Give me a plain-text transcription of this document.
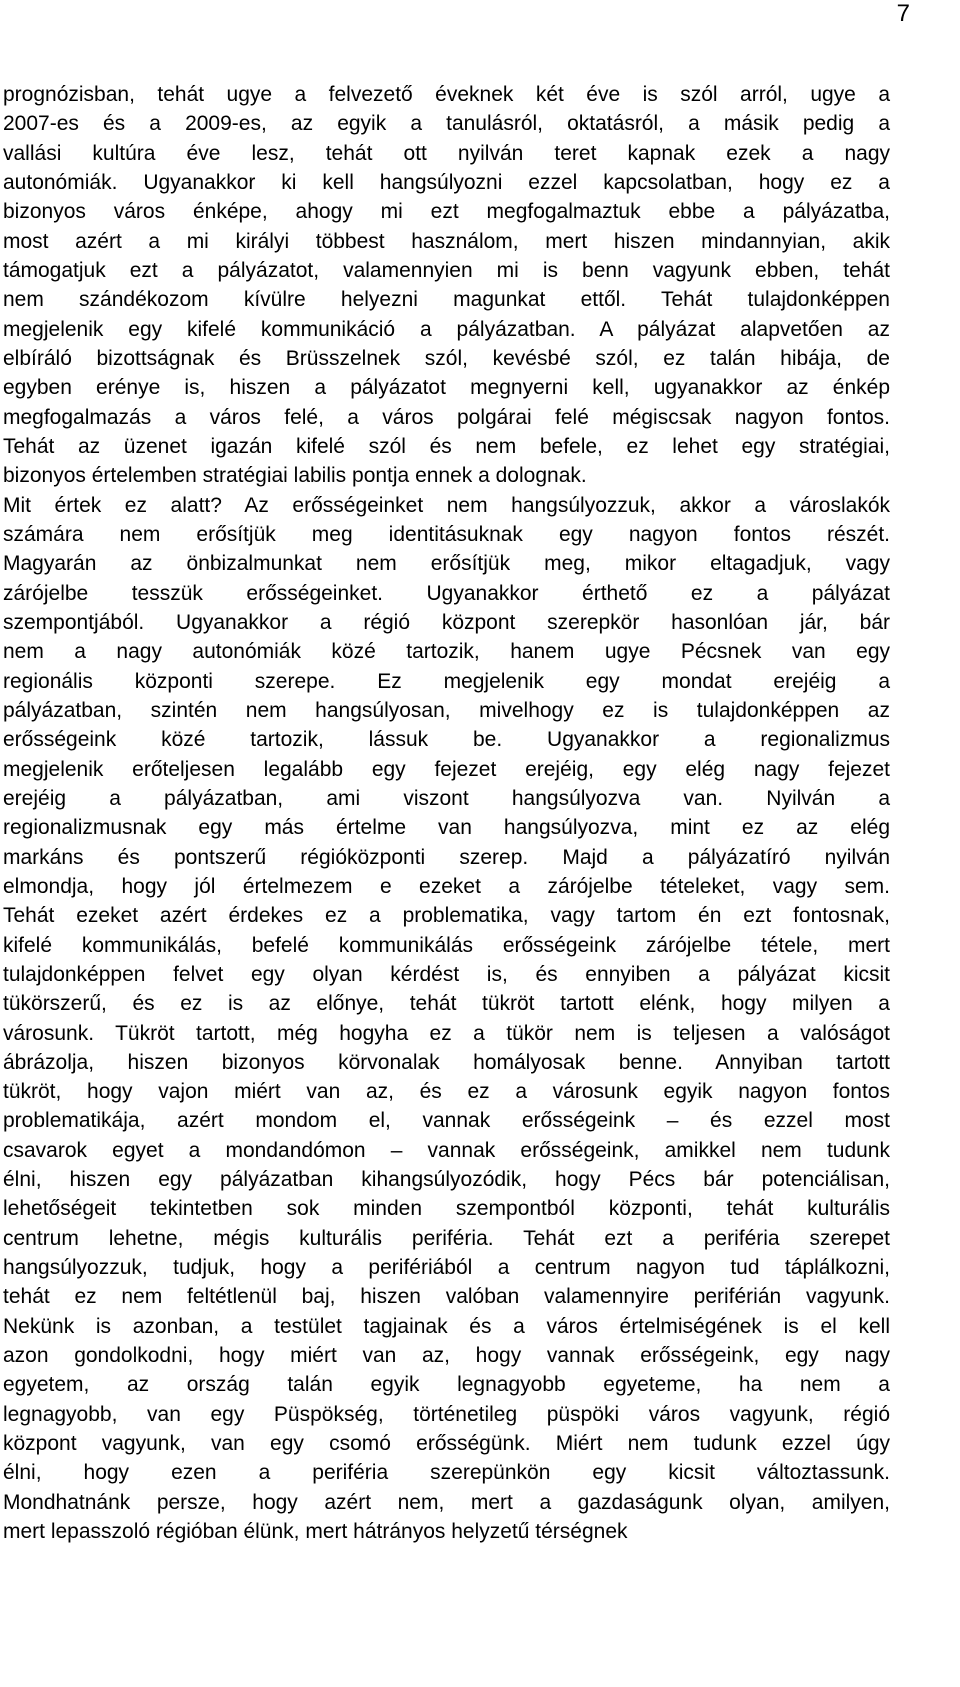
7
prognózisban, tehát ugye a felvezető éveknek két éve is szól arról, ugye a
2007-es és a 2009-es, az egyik a tanulásról, oktatásról, a másik pedig a
vallási kultúra éve lesz, tehát ott nyilván teret kapnak ezek a nagy
autonómiák. Ugyanakkor ki kell hangsúlyozni ezzel kapcsolatban, hogy ez a
bizonyos város énképe, ahogy mi ezt megfogalmaztuk ebbe a pályázatba,
most azért a mi királyi többest használom, mert hiszen mindannyian, akik
támogatjuk ezt a pályázatot, valamennyien mi is benn vagyunk ebben, tehát
nem szándékozom kívülre helyezni magunkat ettől. Tehát tulajdonképpen
megjelenik egy kifelé kommunikáció a pályázatban. A pályázat alapvetően az
elbíráló bizottságnak és Brüsszelnek szól, kevésbé szól, ez talán hibája, de
egyben erénye is, hiszen a pályázatot megnyerni kell, ugyanakkor az énkép
megfogalmazás a város felé, a város polgárai felé mégiscsak nagyon fontos.
Tehát az üzenet igazán kifelé szól és nem befele, ez lehet egy stratégiai,
bizonyos értelemben stratégiai labilis pontja ennek a dolognak.
Mit értek ez alatt? Az erősségeinket nem hangsúlyozzuk, akkor a városlakók
számára nem erősítjük meg identitásuknak egy nagyon fontos részét.
Magyarán az önbizalmunkat nem erősítjük meg, mikor eltagadjuk, vagy
zárójelbe tesszük erősségeinket. Ugyanakkor érthető ez a pályázat
szempontjából. Ugyanakkor a régió központ szerepkör hasonlóan jár, bár
nem a nagy autonómiák közé tartozik, hanem ugye Pécsnek van egy
regionális központi szerepe. Ez megjelenik egy mondat erejéig a
pályázatban, szintén nem hangsúlyosan, mivelhogy ez is tulajdonképpen az
erősségeink közé tartozik, lássuk be. Ugyanakkor a regionalizmus
megjelenik erőteljesen legalább egy fejezet erejéig, egy elég nagy fejezet
erejéig a pályázatban, ami viszont hangsúlyozva van. Nyilván a
regionalizmusnak egy más értelme van hangsúlyozva, mint ez az elég
markáns és pontszerű régióközponti szerep. Majd a pályázatíró nyilván
elmondja, hogy jól értelmezem e ezeket a zárójelbe tételeket, vagy sem.
Tehát ezeket azért érdekes ez a problematika, vagy tartom én ezt fontosnak,
kifelé kommunikálás, befelé kommunikálás erősségeink zárójelbe tétele, mert
tulajdonképpen felvet egy olyan kérdést is, és ennyiben a pályázat kicsit
tükörszerű, és ez is az előnye, tehát tükröt tartott elénk, hogy milyen a
városunk. Tükröt tartott, még hogyha ez a tükör nem is teljesen a valóságot
ábrázolja, hiszen bizonyos körvonalak homályosak benne. Annyiban tartott
tükröt, hogy vajon miért van az, és ez a városunk egyik nagyon fontos
problematikája, azért mondom el, vannak erősségeink – és ezzel most
csavarok egyet a mondandómon – vannak erősségeink, amikkel nem tudunk
élni, hiszen egy pályázatban kihangsúlyozódik, hogy Pécs bár potenciálisan,
lehetőségeit tekintetben sok minden szempontból központi, tehát kulturális
centrum lehetne, mégis kulturális periféria. Tehát ezt a periféria szerepet
hangsúlyozzuk, tudjuk, hogy a perifériából a centrum nagyon tud táplálkozni,
tehát ez nem feltétlenül baj, hiszen valóban valamennyire periférián vagyunk.
Nekünk is azonban, a testület tagjainak és a város értelmiségének is el kell
azon gondolkodni, hogy miért van az, hogy vannak erősségeink, egy nagy
egyetem, az ország talán egyik legnagyobb egyeteme, ha nem a
legnagyobb, van egy Püspökség, történetileg püspöki város vagyunk, régió
központ vagyunk, van egy csomó erősségünk. Miért nem tudunk ezzel úgy
élni, hogy ezen a periféria szerepünkön egy kicsit változtassunk.
Mondhatnánk persze, hogy azért nem, mert a gazdaságunk olyan, amilyen,
mert lepasszoló régióban élünk, mert hátrányos helyzetű térségnek
